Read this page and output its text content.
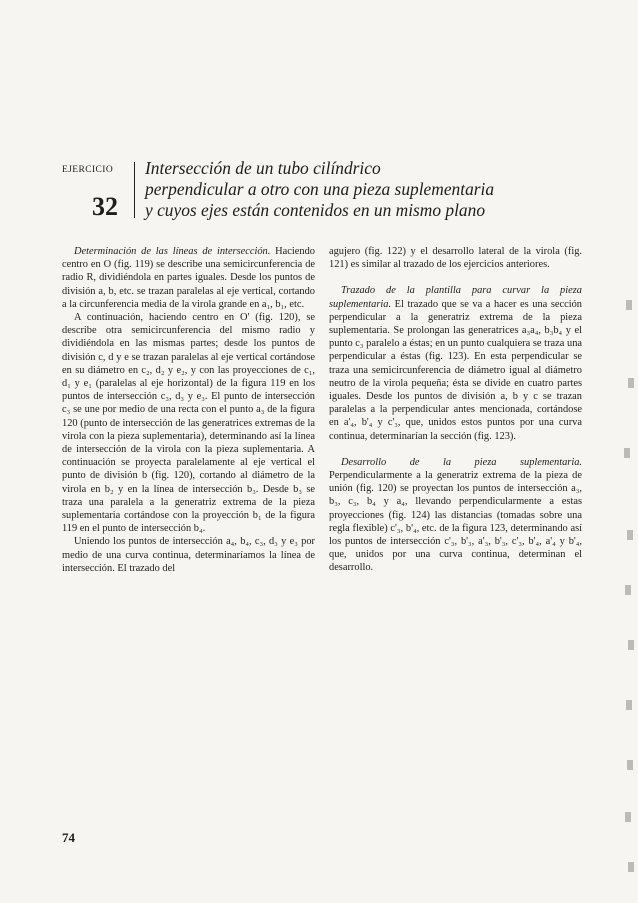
EJERCICIO
32
Intersección de un tubo cilíndrico
perpendicular a otro con una pieza suplementaria
y cuyos ejes están contenidos en un mismo plano

Determinación de las líneas de intersección. Haciendo centro en O (fig. 119) se describe una semicircunferencia de radio R, dividiéndola en partes iguales. Desde los puntos de división a, b, etc. se trazan paralelas al eje vertical, cortando a la circunferencia media de la virola grande en a₁, b₁, etc.

A continuación, haciendo centro en O' (fig. 120), se describe otra semicircunferencia del mismo radio y dividiéndola en las mismas partes; desde los puntos de división c, d y e se trazan paralelas al eje vertical cortándose en su diámetro en c₂, d₂ y e₂, y con las proyecciones de c₁, d₁ y e₁ (paralelas al eje horizontal) de la figura 119 en los puntos de intersección c₃, d₃ y e₃. El punto de intersección c₃ se une por medio de una recta con el punto a₃ de la figura 120 (punto de intersección de las generatrices extremas de la virola con la pieza suplementaria), determinando así la línea de intersección de la virola con la pieza suplementaria. A continuación se proyecta paralelamente al eje vertical el punto de división b (fig. 120), cortando al diámetro de la virola en b₂ y en la línea de intersección b₃. Desde b₃ se traza una paralela a la generatriz extrema de la pieza suplementaria cortándose con la proyección b₁ de la figura 119 en el punto de intersección b₄.

Uniendo los puntos de intersección a₄, b₄, c₃, d₃ y e₃ por medio de una curva continua, determinaríamos la línea de intersección. El trazado del

agujero (fig. 122) y el desarrollo lateral de la virola (fig. 121) es similar al trazado de los ejercicios anteriores.

Trazado de la plantilla para curvar la pieza suplementaria. El trazado que se va a hacer es una sección perpendicular a la generatriz extrema de la pieza suplementaria. Se prolongan las generatrices a₃a₄, b₃b₄ y el punto c₃ paralelo a éstas; en un punto cualquiera se traza una perpendicular a éstas (fig. 123). En esta perpendicular se traza una semicircunferencia de diámetro igual al diámetro neutro de la virola pequeña; ésta se divide en cuatro partes iguales. Desde los puntos de división a, b y c se trazan paralelas a la perpendicular antes mencionada, cortándose en a'₄, b'₄ y c'₃, que, unidos estos puntos por una curva continua, determinarían la sección (fig. 123).

Desarrollo de la pieza suplementaria. Perpendicularmente a la generatriz extrema de la pieza de unión (fig. 120) se proyectan los puntos de intersección a₃, b₃, c₃, b₄ y a₄, llevando perpendicularmente a estas proyecciones (fig. 124) las distancias (tomadas sobre una regla flexible) c'₃, b'₄, etc. de la figura 123, determinando así los puntos de intersección c'₃, b'₃, a'₃, b'₃, c'₃, b'₄, a'₄ y b'₄, que, unidos por una curva continua, determinan el desarrollo.

74
